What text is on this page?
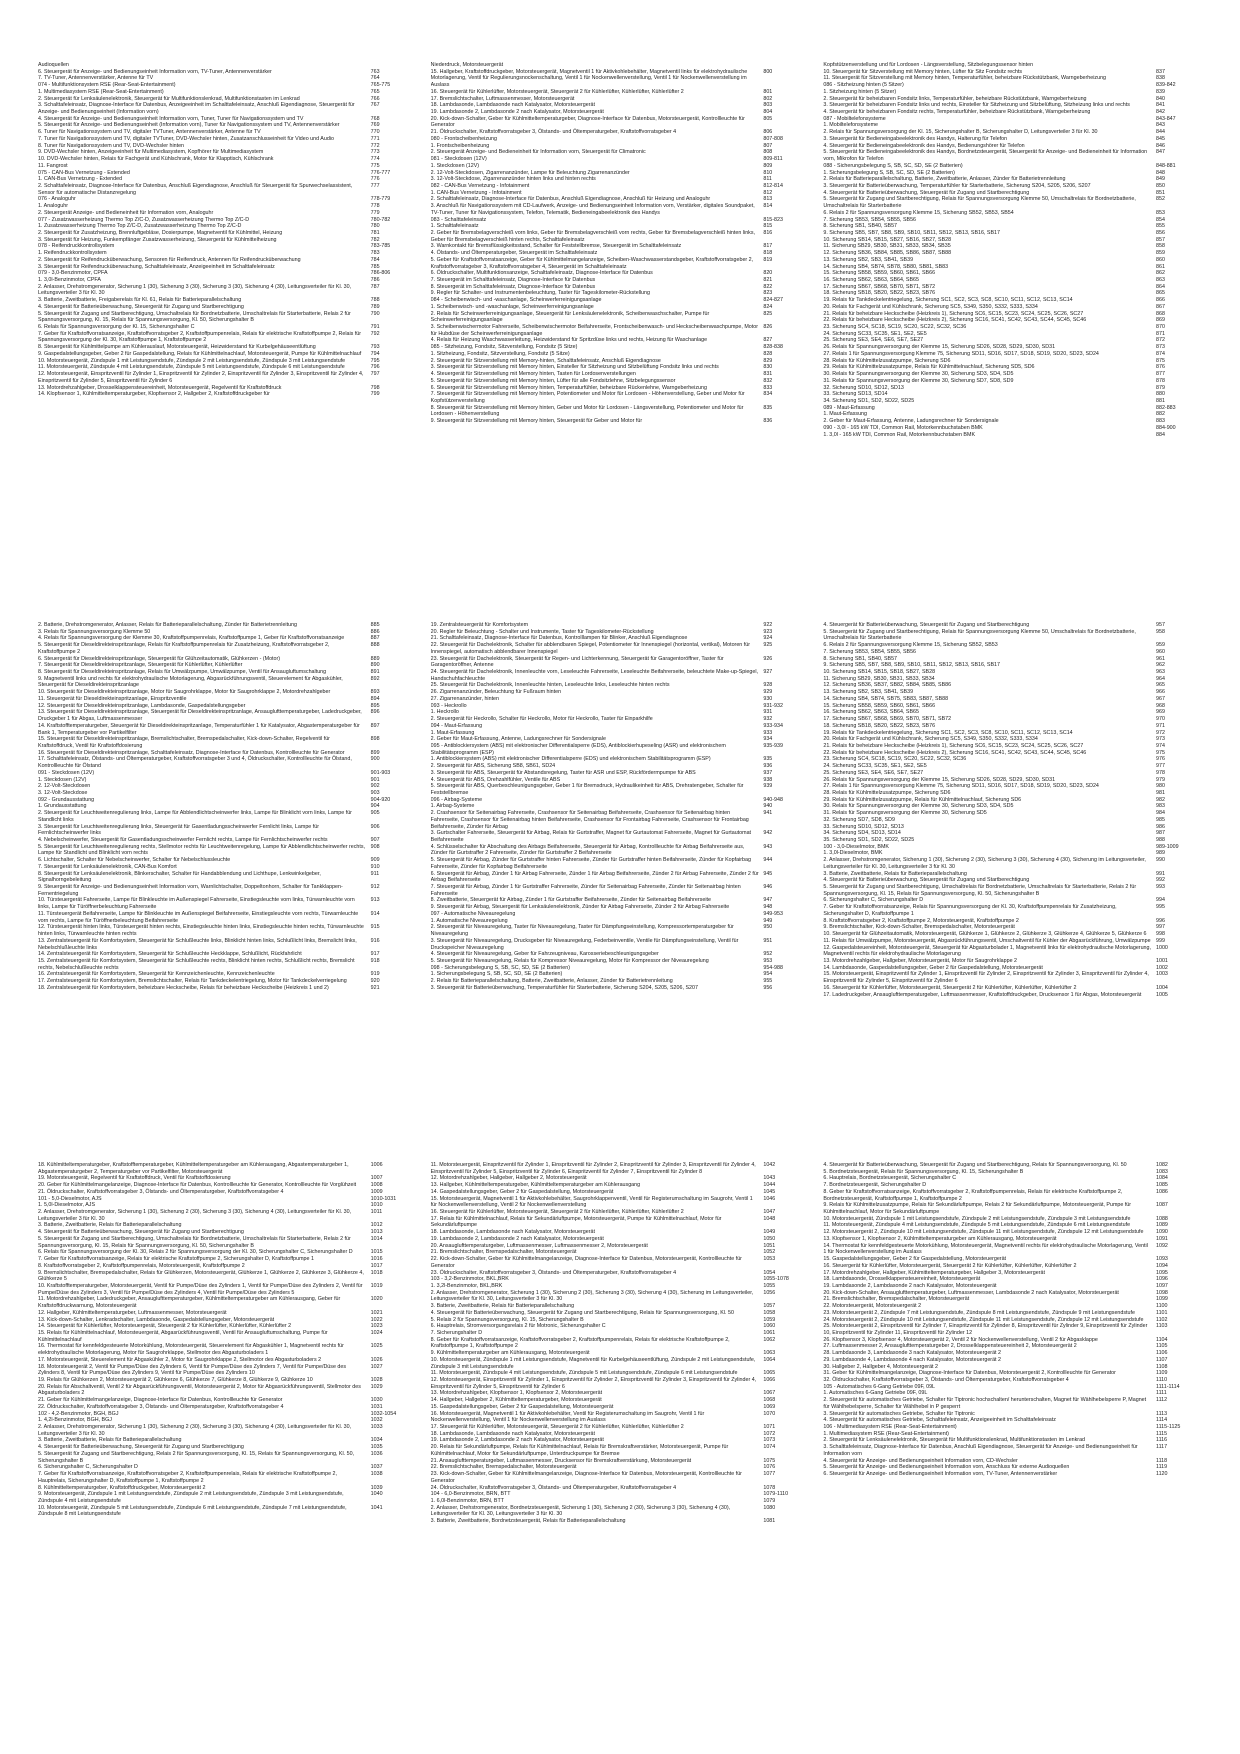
Audioquellen
6. Steuergerät für Anzeige- und Bedienungseinheit Information vorn, TV-Tuner, Antennenverstärker	763
7. TV-Tuner, Antennenverstärker, Antenne für TV	764
074 - Multifunktionsystem RSE (Rear-Seat-Entertainment)	765-775
1. Multimediasystem RSE (Rear-Seat-Entertainment)	765
2. Steuergerät für Lenksäulenelektronik, Steuergerät für Multifunktionslenkrad, Multifunktionstasten im Lenkrad	766
3. Schalttafeleinsatz, Diagnose-Interface für Datenbus, Anzeigeeinheit im Schalttafeleinsatz, Anschluß Eigendiagnose, Steuergerät für Anzeige- und Bedienungseinheit (Information vorn)
767
4. Steuergerät für Anzeige- und Bedienungseinheit Information vorn, Tuner, Tuner für Navigationssystem und TV	768
5. Steuergerät für Anzeige- und Bedienungseinheit (Information vorn), Tuner für Navigationssystem und TV, Antennenverstärker	769
6. Tuner für Navigationssystem und TV, digitaler TVTuner, Antennenverstärker, Antenne für TV	770
7. Tuner für Navigationssystem und TV, digitaler TVTuner, DVD-Wechsler hinten, Zusatzanschlusseinheit für Video und Audio	771
8. Tuner für Navigationssystem und TV, DVD-Wechsler hinten	772
9. DVD-Wechsler hinten, Anzeigeeinheit für Multimediasystem, Kopfhörer für Multimediasystem	773
10. DVD-Wechsler hinten, Relais für Fachgerät und Kühlschrank, Motor für Klapptisch, Kühlschrank	774
11. Fangrost	775
075 - CAN-Bus Vernetzung - Extended	776-777
1. CAN-Bus Vernetzung - Extended	776
2. Schalttafeleinsatz, Diagnose-Interface für Datenbus, Anschluß Eigendiagnose, Anschluß für Steuergerät für Spurwechselassistent, Sensor für automatische Distanzregelung
777
076 - Analoguhr	778-779
1. Analoguhr	778
2. Steuergerät Anzeige- und Bedieneinheit für Information vorn, Analoguhr	779
077 - Zusatzwasserheizung Thermo Top Z/C-D, Zusatzwasserheizung Thermo Top Z/C-D	780-782
1. Zusatzwasserheizung Thermo Top Z/C-D, Zusatzwasserheizung Thermo Top Z/C-D	780
2. Steuergerät für Zusatzheizung, Brennluftgebläse, Dosierpumpe, Magnetventil für Kühlmittel, Heizung	781
3. Steuergerät für Heizung, Funkempfänger Zusatzwasserheizung, Steuergerät für Kühlmittelheizung	782
078 - Reifendruckkontrollsystem	783-785
1. Reifendruckkontrollsystem	783
2. Steuergerät für Reifendrucküberwachung, Sensoren für Reifendruck, Antennen für Reifendrucküberwachung	784
3. Steuergerät für Reifendrucküberwachung, Schalttafeleinsatz, Anzeigeeinheit im Schalttafeleinsatz	785
079 - 3,0-Benzinmotor, CPFA	786-806
1. 3,0l-Benzinmotor, CPFA	786
2. Anlasser, Drehstromgenerator, Sicherung 1 (30), Sicherung 3 (30), Sicherung 3 (30), Sicherung 4 (30), Leitungsverteiler für Kl. 30, Leitungsverteiler 3 für Kl. 30
787
3. Batterie, Zweitbatterie, Freigaberelais für Kl. 61, Relais für Batterieparallelschaltung	788
4. Steuergerät für Batterieüberwachung, Steuergerät für Zugang und Startberechtigung	789
5. Steuergerät für Zugang und Startberechtigung, Umschaltrelais für Bordnetzbatterie, Umschaltrelais für Starterbatterie, Relais 2 für Spannungsversorgung, Kl. 15, Relais für Spannungsversorgung, Kl. 50, Sicherungshalter B
790
6. Relais für Spannungsversorgung der Kl. 15, Sicherungshalter C	791
7. Geber für Kraftstoffvorratsanzeige, Kraftstoffvorratsgeber 2, Kraftstoffpumpenrelais, Relais für elektrische Kraftstoffpumpe 2, Relais für Spannungsversorgung der Kl. 30, Kraftstoffpumpe 1, Kraftstoffpumpe 2
792
8. Steuergerät für Kühlmittelpumpe am Kühlerauslauf, Motorsteuergerät, Heizwiderstand für Kurbelgehäuseentlüftung	793
9. Gaspedalstellungsgeber, Geber 2 für Gaspedalstellung, Relais für Kühlmittelnachlauf, Motorsteuergerät, Pumpe für Kühlmittelnachlauf	794
10. Motorsteuergerät, Zündspule 1 mit Leistungsendstufe, Zündspule 2 mit Leistungsendstufe, Zündspule 3 mit Leistungsendstufe	795
11. Motorsteuergerät, Zündspule 4 mit Leistungsendstufe, Zündspule 5 mit Leistungsendstufe, Zündspule 6 mit Leistungsendstufe	796
12. Motorsteuergerät, Einspritzventil für Zylinder 1, Einspritzventil für Zylinder 2, Einspritzventil für Zylinder 3, Einspritzventil für Zylinder 4, Einspritzventil für Zylinder 5, Einspritzventil für Zylinder 6
797
13. Motordrehzahlgeber, Drosselklappensteuereinheit, Motorsteuergerät, Regelventil für Kraftstoffdruck	798
14. Klopfsensor 1, Kühlmitteltemperaturgeber, Klopfsensor 2, Hallgeber 2, Kraftstoffdruckgeber für	799
Niederdruck, Motorsteuergerät
15. Hallgeber, Kraftstoffdruckgeber, Motorsteuergerät, Magnetventil 1 für Aktivkohlebehälter, Magnetventil links für elektrohydraulische Motorlagerung, Ventil für Regulierungsnockenschaltung, Ventil 1 für Nockenwellenverstellung, Ventil 1 für Nockenwellenverstellung im Auslass
800
16. Steuergerät für Kühlerlüfter, Motorsteuergerät, Steuergerät 2 für Kühlerlüfter, Kühlerlüfter, Kühlerlüfter 2	801
17. Bremslichtschalter, Luftmassenmesser, Motorsteuergerät	802
18. Lambdasonde, Lambdasonde nach Katalysator, Motorsteuergerät	803
19. Lambdasonde 2, Lambdasonde 2 nach Katalysator, Motorsteuergerät	804
20. Kick-down-Schalter, Geber für Kühlmitteltemperaturgeber, Diagnose-Interface für Datenbus, Motorsteuergerät, Kontrollleuchte für Generator
805
21. Öldruckschalter, Kraftstoffvorratsgeber 3, Ölstands- und Öltemperaturgeber, Kraftstoffvorratsgeber 4	806
080 - Frontscheibenheizung	807-808
1. Frontscheibenheizung	807
2. Steuergerät Anzeige- und Bedieneinheit für Information vorn, Steuergerät für Climatronic	808
081 - Steckdosen (12V)	809-811
1. Steckdosen (12V)	809
2. 12-Volt-Steckdosen, Zigarrenanzünder, Lampe für Beleuchtung Zigarrenanzünder	810
3. 12-Volt-Steckdose, Zigarrenanzünder hinten links und hinten rechts	811
082 - CAN-Bus Vernetzung - Infotainment	812-814
1. CAN-Bus Vernetzung - Infotainment	812
2. Schalttafeleinsatz, Diagnose-Interface für Datenbus, Anschluß Eigendiagnose, Anschluß für Heizung und Analoguhr	813
3. Anschluß für Navigationssystem mit CD-Laufwerk, Anzeige- und Bedienungseinheit Information vorn, Verstärker, digitales Soundpaket, TV-Tuner, Tuner für Navigationssystem, Telefon, Telematik, Bedieneingabeelektronik des Handys
814
083 - Schalttafeleinsatz	815-823
1. Schalttafeleinsatz	815
2. Geber für Bremsbelagverschleiß vorn links, Geber für Bremsbelagverschleiß vorn rechts, Geber für Bremsbelagverschleiß hinten links, Geber für Bremsbelagverschleiß hinten rechts, Schalttafeleinsatz
816
3. Warnkontakt für Bremsflüssigkeitsstand, Schalter für Feststellbremse, Steuergerät im Schalttafeleinsatz	817
4. Ölstands- und Öltemperaturgeber, Steuergerät im Schalttafeleinsatz	818
5. Geber für Kraftstoffvorratsanzeige, Geber für Kühlmittelmangelanzeige, Scheiben-Waschwasserstandsgeber, Kraftstoffvorratsgeber 2, Kraftstoffvorratsgeber 3, Kraftstoffvorratsgeber 4, Steuergerät im Schalttafeleinsatz
819
6. Öldruckschalter, Multifunktionsanzeige, Schalttafeleinsatz, Diagnose-Interface für Datenbus	820
7. Steuergerät im Schalttafeleinsatz, Diagnose-Interface für Datenbus	821
8. Steuergerät im Schalttafeleinsatz, Diagnose-Interface für Datenbus	822
9. Regler für Schalter- und Instrumentenbeleuchtung, Taster für Tageskilometer-Rückstellung	823
084 - Scheibenwisch- und -waschanlage, Scheinwerferreinigungsanlage	824-827
1. Scheibenwisch- und -waschanlage, Scheinwerferreinigungsanlage	824
2. Relais für Scheinwerferreinigungsanlage, Steuergerät für Lenksäulenelektronik, Scheibenwaschschalter, Pumpe für Scheinwerferreinigungsanlage
825
3. Scheibenwischermotor Fahrerseite, Scheibenwischermotor Beifahrerseite, Frontscheibenwasch- und Heckscheibenwaschpumpe, Motor für Hubdüse der Scheinwerferreinigungsanlage
826
4. Relais für Heizung Waschwasserleitung, Heizwiderstand für Spritzdüse links und rechts, Heizung für Waschanlage	827
085 - Sitzheizung, Fondsitz, Sitzverstellung, Fondsitz (5 Sitze)	828-838
1. Sitzheizung, Fondsitz, Sitzverstellung, Fondsitz (5 Sitze)	828
2. Steuergerät für Sitzverstellung mit Memory-hinten, Schalttafeleinsatz, Anschluß Eigendiagnose	829
3. Steuergerät für Sitzverstellung mit Memory hinten, Einsteller für Sitzheizung und Sitzbelüftung Fondsitz links und rechts	830
4. Steuergerät für Sitzverstellung mit Memory hinten, Tasten für Lordosenverstellungen	831
5. Steuergerät für Sitzverstellung mit Memory hinten, Lüfter für alle Fondsitzlehne, Sitzbelegungssensor	832
6. Steuergerät für Sitzverstellung mit Memory hinten, Temperaturfühler, beheizbare Rückenlehne, Warngeberheizung	833
7. Steuergerät für Sitzverstellung mit Memory hinten, Potentiometer und Motor für Lordosen - Höhenverstellung, Geber und Motor für Kopfstützenverstellung
834
8. Steuergerät für Sitzverstellung mit Memory hinten, Geber und Motor für Lordosen - Längsverstellung, Potentiometer und Motor für Lordosen - Höhenverstellung
835
9. Steuergerät für Sitzverstellung mit Memory hinten, Steuergerät für Geber und Motor für	836
Kopfstützenverstellung und für Lordosen - Längsverstellung, Sitzbelegungssensor hinten
10. Steuergerät für Sitzverstellung mit Memory hinten, Lüfter für Sitz Fondsitz rechts	837
11. Steuergerät für Sitzverstellung mit Memory hinten, Temperaturfühler, beheizbare Rückstützbank, Warngeberheizung	838
086 - Sitzheizung hinten (5 Sitzer)	839-842
1. Sitzheizung hinten (5 Sitzer)	839
2. Steuergerät für beheizbaren Fondsitz links, Temperaturfühler, beheizbare Rückstützbank, Warngeberheizung	840
3. Steuergerät für beheizbaren Fondsitz links und rechts, Einsteller für Sitzheizung und Sitzbelüftung, Sitzheizung links und rechts	841
4. Steuergerät für beheizbaren Fondsitz rechts, Temperaturfühler, beheizbare Rückstützbank, Warngeberheizung	842
087 - Mobiltelefonsysteme	843-847
1. Mobiltelefonsysteme	843
2. Relais für Spannungsversorgung der Kl. 15, Sicherungshalter B, Sicherungshalter D, Leitungsverteiler 3 für Kl. 30	844
3. Steuergerät für Bedieneingabeelektronik des Handys, Halterung für Telefon	845
4. Steuergerät für Bedieneingabeelektronik des Handys, Bedienungshörer für Telefon	846
5. Steuergerät für Bedieneingabeelektronik des Handys, Bordnetzsteuergerät, Steuergerät für Anzeige- und Bedieneinheit für Information vorn, Mikrofon für Telefon
847
088 - Sicherungsbelegung S, SB, SC, SD, SE (2 Batterien)	848-881
1. Sicherungsbelegung S, SB, SC, SD, SE (2 Batterien)	848
2. Relais für Batterieparallelschaltung, Batterie, Zweitbatterie, Anlasser, Zünder für Batterietrennleitung	849
3. Steuergerät für Batterieüberwachung, Temperaturfühler für Starterbatterie, Sicherung S204, S205, S206, S207	850
4. Steuergerät für Batterieüberwachung, Steuergerät für Zugang und Startberechtigung	851
5. Steuergerät für Zugang und Startberechtigung, Relais für Spannungsversorgung Klemme 50, Umschaltrelais für Bordnetzbatterie, Umschaltrelais für Starterbatterie
852
6. Relais 2 für Spannungsversorgung Klemme 15, Sicherung SB52, SB53, SB54	853
7. Sicherung SB53, SB54, SB55, SB56	854
8. Sicherung SB1, SB40, SB57	855
9. Sicherung SB5, SB7, SB8, SB9, SB10, SB11, SB12, SB13, SB16, SB17	856
10. Sicherung SB14, SB15, SB27, SB16, SB27, SB28	857
11. Sicherung SB29, SB30, SB31, SB33, SB34, SB35	858
12. Sicherung SB36, SB84, SB85, SB86, SB87, SB88	859
13. Sicherung SB2, SB3, SB41, SB39	860
14. Sicherung SB4, SB74, SB78, SB80, SB81, SB83	861
15. Sicherung SB58, SB59, SB60, SB61, SB66	862
16. Sicherung SB62, SB63, SB64, SB65	863
17. Sicherung SB67, SB68, SB70, SB71, SB72	864
18. Sicherung SB18, SB20, SB22, SB23, SB76	865
19. Relais für Tankdeckelentriegelung, Sicherung SC1, SC2, SC3, SC8, SC10, SC11, SC12, SC13, SC14	866
20. Relais für Fachgerät und Kühlschrank, Sicherung SC5, S349, S350, S332, S333, S334	867
21. Relais für beheizbare Heckscheibe (Heizkreis 1), Sicherung SC6, SC15, SC23, SC24, SC25, SC26, SC27	868
22. Relais für beheizbare Heckscheibe (Heizkreis 2), Sicherung SC16, SC41, SC42, SC43, SC44, SC45, SC46	869
23. Sicherung SC4, SC18, SC19, SC20, SC22, SC32, SC36	870
24. Sicherung SC33, SC35, SE1, SE2, SE5	871
25. Sicherung SE3, SE4, SE6, SE7, SE27	872
26. Relais für Spannungsversorgung der Klemme 15, Sicherung SD26, SD28, SD29, SD30, SD31	873
27. Relais 1 für Spannungsversorgung Klemme 75, Sicherung SD11, SD16, SD17, SD18, SD19, SD20, SD23, SD24	874
28. Relais für Kühlmittelzusatzpumpe, Sicherung SD6	875
29. Relais für Kühlmittelzusatzpumpe, Relais für Kühlmittelnachlauf, Sicherung SD5, SD6	876
30. Relais für Spannungsversorgung der Klemme 30, Sicherung SD3, SD4, SD5	877
31. Relais für Spannungsversorgung der Klemme 30, Sicherung SD7, SD8, SD9	878
32. Sicherung SD10, SD12, SD13	879
33. Sicherung SD13, SD14	880
34. Sicherung SD1, SD2, SD22, SD25	881
089 - Maut-Erfassung	882-883
1. Maut-Erfassung	882
2. Geber für Maut-Erfassung, Antenne, Ladungsrechner für Sondersignale	883
090 - 3,0l - 165 kW TDI, Common Rail, Motorkennbuchstaben BMK	884-900
1. 3,0l - 165 kW TDI, Common Rail, Motorkennbuchstaben BMK	884
2. Batterie, Drehstromgenerator, Anlasser, Relais für Batterieparallelschaltung, Zünder für Batterietrennleitung	885
3. Relais für Spannungsversorgung Klemme 50	886
4. Relais für Spannungsversorgung der Klemme 30, Kraftstoffpumpenrelais, Kraftstoffpumpe 1, Geber für Kraftstoffvorratsanzeige	887
5. Steuergerät für Dieseldirekteinspritzanlage, Relais für Kraftstoffpumpenrelais für Zusatzheizung, Kraftstoffvorratsgeber 2, Kraftstoffpumpe 2
888
6. Steuergerät für Dieseldirekteinspritzanlage, Steuergerät für Glühzeitautomatik, Glühkerzen - (Motor)	889
7. Steuergerät für Dieseldirekteinspritzanlage, Steuergerät für Kühlerlüfter, Kühlerlüfter	890
8. Steuergerät für Dieseldirekteinspritzanlage, Relais für Umwälzpumpe, Umwälzpumpe, Ventil für Ansaugluftumschaltung	891
9. Magnetventil links und rechts für elektrohydraulische Motorlagerung, Abgasrückführungsventil, Steuerelement für Abgaskühler, Steuergerät für Dieseldirekteinspritzanlage
892
10. Steuergerät für Dieseldirekteinspritzanlage, Motor für Saugrohrklappe, Motor für Saugrohrklappe 2, Motordrehzahlgeber	893
11. Steuergerät für Dieseldirekteinspritzanlage, Einspritzventile	894
12. Steuergerät für Dieseldirekteinspritzanlage, Lambdasonde, Gaspedalstellungsgeber	895
13. Steuergerät für Dieseldirekteinspritzanlage, Steuergerät für Dieseldirekteinspritzanlage, Ansauglufttemperaturgeber, Ladedruckgeber, Druckgeber 1 für Abgas, Luftmassenmesser
896
14. Kraftstofftemperaturgeber, Steuergerät für Dieseldirekteinspritzanlage, Temperaturfühler 1 für Katalysator, Abgastemperaturgeber für Bank 1, Temperaturgeber vor Partikelfilter
897
15. Steuergerät für Dieseldirekteinspritzanlage, Bremslichtschalter, Bremspedalschalter, Kick-down-Schalter, Regelventil für Kraftstoffdruck, Ventil für Kraftstoffdosierung
898
16. Steuergerät für Dieseldirekteinspritzanlage, Schalttafeleinsatz, Diagnose-Interface für Datenbus, Kontrollleuchte für Generator	899
17. Schalttafeleinsatz, Ölstands- und Öltemperaturgeber, Kraftstoffvorratsgeber 3 und 4, Öldruckschalter, Kontrollleuchte für Ölstand, Kontrollleuchte für Ölstand
900
091 - Steckdosen (12V)	901-903
1. Steckdosen (12V)	901
2. 12-Volt-Steckdosen	902
3. 12-Volt-Steckdose	903
092 - Grundausstattung	904-920
1. Grundausstattung	904
2. Steuergerät für Leuchtweitenregulierung links, Lampe für Abblendlichtscheinwerfer links, Lampe für Blinklicht vorn links, Lampe für Standlicht links
905
3. Steuergerät für Leuchtweitenregulierung links, Steuergerät für Gasentladungsscheinwerfer Fernlicht links, Lampe für Fernlichtscheinwerfer links
906
4. Nebelscheinwerfer, Steuergerät für Gasentladungsscheinwerfer Fernlicht rechts, Lampe für Fernlichtscheinwerfer rechts	907
5. Steuergerät für Leuchtweitenregulierung rechts, Stellmotor rechts für Leuchtweitenregelung, Lampe für Abblendlichtscheinwerfer rechts, Lampe für Standlicht und Blinklicht vorn rechts
908
6. Lichtschalter, Schalter für Nebelscheinwerfer, Schalter für Nebelschlussleuchte	909
7. Steuergerät für Lenksäulenelektronik, CAN-Bus Komfort	910
8. Steuergerät für Lenksäulenelektronik, Blinkerschalter, Schalter für Handabblendung und Lichthupe, Lenkwinkelgeber, Signalhorngebeleitung
911
9. Steuergerät für Anzeige- und Bedienungseinheit Information vorn, Warnlichtschalter, Doppeltonhorn, Schalter für Tankklappen-Fernentriegelung
912
10. Türsteuergerät Fahrerseite, Lampe für Blinkleuchte im Außenspiegel Fahrerseite, Einstiegsleuchte vorn links, Türwarnleuchte vorn links, Lampe für Türöffnerbeleuchtung Fahrerseite
913
11. Türsteuergerät Beifahrerseite, Lampe für Blinkleuchte im Außenspiegel Beifahrerseite, Einstiegsleuchte vorn rechts, Türwarnleuchte vorn rechts, Lampe für Türöffnerbeleuchtung Beifahrerseite
914
12. Türsteuergerät hinten links, Türsteuergerät hinten rechts, Einstiegsleuchte hinten links, Einstiegsleuchte hinten rechts, Türwarnleuchte hinten links, Türwarnleuchte hinten rechts
915
13. Zentralsteuergerät für Komfortsystem, Steuergerät für Schlußleuchte links, Blinklicht hinten links, Schlußlicht links, Bremslicht links, Nebelschlußleuchte links
916
14. Zentralsteuergerät für Komfortsystem, Steuergerät für Schlußleuchte Heckklappe, Schlußlicht, Rückfahrlicht	917
15. Zentralsteuergerät für Komfortsystem, Steuergerät für Schlußleuchte rechts, Blinklicht hinten rechts, Schlußlicht rechts, Bremslicht rechts, Nebelschlußleuchte rechts
918
16. Zentralsteuergerät für Komfortsystem, Steuergerät für Kennzeichenleuchte, Kennzeichenleuchte	919
17. Zentralsteuergerät für Komfortsystem, Bremslichtschalter, Relais für Tankdeckelentriegelung, Motor für Tankdeckelverriegelung	920
18. Zentralsteuergerät für Komfortsystem, beheizbare Heckscheibe, Relais für beheizbare Heckscheibe (Heizkreis 1 und 2)	921
19. Zentralsteuergerät für Komfortsystem	922
20. Regler für Beleuchtung - Schalter und Instrumente, Taster für Tageskilometer-Rückstellung	923
21. Schalttafeleinsatz, Diagnose-Interface für Datenbus, Kontrolllampen für Blinker, Anschluß Eigendiagnose	924
22. Steuergerät für Dachelektronik, Schalter für abblendbaren Spiegel, Potentiometer für Innenspiegel (horizontal, vertikal), Motoren für Innenspiegel, automatisch abblendbarer Innenspiegel
925
23. Steuergerät für Dachelektronik, Steuergerät für Regen- und Lichterkennung, Steuergerät für Garagentoröffner, Taster für Garagentoröffner, Antenne
926
24. Steuergerät für Dachelektronik, Innenleuchte vorn, Leseleuchte Fahrerseite, Leseleuchte Beifahrerseite, beleuchtete Make-up-Spiegel, Handschuhfachleuchte
927
25. Steuergerät für Dachelektronik, Innenleuchte hinten, Leseleuchte links, Leseleuchte hinten rechts	928
26. Zigarrenanzünder, Beleuchtung für Fußraum hinten	929
27. Zigarrenanzünder, hinten	930
093 - Heckrollo	931-932
1. Heckrollo	931
2. Steuergerät für Heckrollo, Schalter für Heckrollo, Motor für Heckrollo, Taster für Einparkhilfe	932
094 - Maut-Erfassung	933-934
1. Maut-Erfassung	933
2. Geber für Maut-Erfassung, Antenne, Ladungsrechner für Sondersignale	934
095 - Antiblockiersystem (ABS) mit elektronischer Differentialsperre (EDS), Antiblockierhupeseling (ASR) und elektronischem Stabilitätsprogramm (ESP)
935-939
1. Antiblockiersystem (ABS) mit elektronischer Differentialsperre (EDS) und elektronischem Stabilitätsprogramm (ESP)	935
2. Steuergerät für ABS, Sicherung SB8, SB61, SD24	936
3. Steuergerät für ABS, Steuergerät für Abstandsregelung, Taster für ASR und ESP, Rückfördermpumpe für ABS	937
4. Steuergerät für ABS, Drehzahlfühler, Ventile für ABS	938
5. Steuergerät für ABS, Querbeschleunigungsgeber, Geber 1 für Bremsdruck, Hydraulikeinheit für ABS, Drehratengeber, Schalter für Feststellbremse
939
096 - Airbag-Systeme	940-948
1. Airbag-Systeme	940
2. Crashsensor für Seitenairbag Fahrerseite, Crashsensor für Seitenairbag Beifahrerseite, Crashsensor für Seitenairbag hinten Fahrerseite, Crashsensor für Seitenairbag hinten Beifahrerseite, Crashsensor für Frontairbag Fahrerseite, Crashsensor für Frontairbag Beifahrerseite, Zünder für Airbag
941
3. Gurtschalter Fahrerseite, Steuergerät für Airbag, Relais für Gurtstraffer, Magnet für Gurtautomat Fahrerseite, Magnet für Gurtautomat Beifahrerseite
942
4. Schlüsselschalter für Abschaltung des Airbags Beifahrerseite, Steuergerät für Airbag, Kontrollleuchte für Airbag Beifahrerseite aus, Zünder für Gurtstraffer 2 Fahrerseite, Zünder für Gurtstraffer 2 Beifahrerseite
943
5. Steuergerät für Airbag, Zünder für Gurtstraffer hinten Fahrerseite, Zünder für Gurtstraffer hinten Beifahrerseite, Zünder für Kopfairbag Fahrerseite, Zünder für Kopfairbag Beifahrerseite
944
6. Steuergerät für Airbag, Zünder 1 für Airbag Fahrerseite, Zünder 1 für Airbag Beifahrerseite, Zünder 2 für Airbag Fahrerseite, Zünder 2 für Airbag Beifahrerseite
945
7. Steuergerät für Airbag, Zünder 1 für Gurtstraffer Fahrerseite, Zünder für Seitenairbag Fahrerseite, Zünder für Seitenairbag hinten Fahrerseite
946
8. Zweitbatterie, Steuergerät für Airbag, Zünder 1 für Gurtstraffer Beifahrerseite, Zünder für Seitenairbag Beifahrerseite	947
9. Steuergerät für Airbag, Steuergerät für Lenksäulenelektronik, Zünder für Airbag Fahrerseite, Zünder 2 für Airbag Fahrerseite	948
097 - Automatische Niveauregelung	949-953
1. Automatische Niveauregelung	949
2. Steuergerät für Niveauregelung, Taster für Niveauregelung, Taster für Dämpfungseinstellung, Kompressortemperaturgeber für Niveauregelung
950
3. Steuergerät für Niveauregelung, Drucksgeber für Niveauregelung, Federbeinventile, Ventile für Dämpfungseinstellung, Ventil für Druckspeicher Niveauregelung
951
4. Steuergerät für Niveauregelung, Geber für Fahrzeugniveau, Karosseriebeschleunigungsgeber	952
5. Steuergerät für Niveauregelung, Relais für Kompressor Niveauregelung, Motor für Kompressor der Niveauregelung	953
098 - Sicherungsbelegung S, SB, SC, SD, SE (2 Batterien)	954-988
1. Sicherungsbelegung S, SB, SC, SD, SE (2 Batterien)	954
2. Relais für Batterieparallelschaltung, Batterie, Zweitbatterie, Anlasser, Zünder für Batterietrennleitung	955
3. Steuergerät für Batterieüberwachung, Temperaturfühler für Starterbatterie, Sicherung S204, S205, S206, S207	956
4. Steuergerät für Batterieüberwachung, Steuergerät für Zugang und Startberechtigung	957
5. Steuergerät für Zugang und Startberechtigung, Relais für Spannungsversorgung Klemme 50, Umschaltrelais für Bordnetzbatterie, Umschaltrelais für Starterbatterie
958
6. Relais 2 für Spannungsversorgung Klemme 15, Sicherung SB52, SB53	959
7. Sicherung SB53, SB54, SB55, SB56	960
8. Sicherung SB1, SB40, SB57	961
9. Sicherung SB5, SB7, SB8, SB9, SB10, SB11, SB12, SB13, SB16, SB17	962
10. Sicherung SB14, SB15, SB18, SB27, SB28	963
11. Sicherung SB29, SB30, SB31, SB33, SB34	964
12. Sicherung SB36, SB37, SB82, SB84, SB85, SB86	965
13. Sicherung SB2, SB3, SB41, SB39	966
14. Sicherung SB4, SB74, SB75, SB83, SB87, SB88	967
15. Sicherung SB58, SB59, SB60, SB61, SB66	968
16. Sicherung SB62, SB63, SB64, SB65	969
17. Sicherung SB67, SB68, SB69, SB70, SB71, SB72	970
18. Sicherung SB18, SB20, SB22, SB23, SB76	971
19. Relais für Tankdeckelentriegelung, Sicherung SC1, SC2, SC3, SC8, SC10, SC11, SC12, SC13, SC14	972
20. Relais für Fachgerät und Kühlschrank, Sicherung SC5, S349, S350, S332, S333, S334	973
21. Relais für beheizbare Heckscheibe (Heizkreis 1), Sicherung SC6, SC15, SC23, SC24, SC25, SC26, SC27	974
22. Relais für beheizbare Heckscheibe (Heizkreis 2), Sicherung SC16, SC41, SC42, SC43, SC44, SC45, SC46	975
23. Sicherung SC4, SC18, SC19, SC20, SC22, SC32, SC36	976
24. Sicherung SC33, SC35, SE1, SE2, SE5	977
25. Sicherung SE3, SE4, SE6, SE7, SE27	978
26. Relais für Spannungsversorgung der Klemme 15, Sicherung SD26, SD28, SD29, SD30, SD31	979
27. Relais 1 für Spannungsversorgung Klemme 75, Sicherung SD11, SD16, SD17, SD18, SD19, SD20, SD23, SD24	980
28. Relais für Kühlmittelzusatzpumpe, Sicherung SD6	981
29. Relais für Kühlmittelzusatzpumpe, Relais für Kühlmittelnachlauf, Sicherung SD6	982
30. Relais für Spannungsversorgung der Klemme 30, Sicherung SD3, SD4, SD5	983
31. Relais für Spannungsversorgung der Klemme 30, Sicherung SD5	984
32. Sicherung SD7, SD8, SD9	985
33. Sicherung SD10, SD12, SD13	986
34. Sicherung SD4, SD13, SD14	987
35. Sicherung SD1, SD2, SD22, SD25	988
100 - 3,0-Dieselmotor, BMK	989-1009
1. 3,0l-Dieselmotor, BMK	989
2. Anlasser, Drehstromgenerator, Sicherung 1 (30), Sicherung 2 (30), Sicherung 3 (30), Sicherung 4 (30), Sicherung im Leitungsverteiler, Leitungsverteiler für Kl. 30, Leitungsverteiler 3 für Kl. 30
990
3. Batterie, Zweitbatterie, Relais für Batterieparallelschaltung	991
4. Steuergerät für Batterieüberwachung, Steuergerät für Zugang und Startberechtigung	992
5. Steuergerät für Zugang und Startberechtigung, Umschaltrelais für Bordnetzbatterie, Umschaltrelais für Starterbatterie, Relais 2 für Spannungsversorgung, Kl. 15, Relais für Spannungsversorgung, Kl. 50, Sicherungshalter B
993
6. Sicherungshalter C, Sicherungshalter D	994
7. Geber für Kraftstoffvorratsanzeige, Relais für Spannungsversorgung der Kl. 30, Kraftstoffpumpenrelais für Zusatzheizung, Sicherungshalter D, Kraftstoffpumpe 1
995
8. Kraftstoffvorratsgeber 2, Kraftstoffpumpe 2, Motorsteuergerät, Kraftstoffpumpe 2	996
9. Bremslichtschalter, Kick-down-Schalter, Bremspedalschalter, Motorsteuergerät	997
10. Steuergerät für Glühzeitautomatik, Motorsteuergerät, Glühkerze 1, Glühkerze 2, Glühkerze 3, Glühkerze 4, Glühkerze 5, Glühkerze 6	998
11. Relais für Umwälzpumpe, Motorsteuergerät, Abgasrückführungsventil, Umschaltventil für Kühler der Abgasrückführung, Umwälzpumpe 999
12. Gaspedalsteuereinheit, Motorsteuergerät, Steuergerät für Abgasturbolader 1, Magnetventil links für elektrohydraulische Motorlagerung, Magnetventil rechts für elektrohydraulische Motorlagerung
1000
13. Motordrehzahlgeber, Hallgeber, Motorsteuergerät, Motor für Saugrohrklappe 2	1001
14. Lambdasonde, Gaspedalstellungsgeber, Geber 2 für Gaspedalstellung, Motorsteuergerät	1002
15. Motorsteuergerät, Einspritzventil für Zylinder 1, Einspritzventil für Zylinder 2, Einspritzventil für Zylinder 3, Einspritzventil für Zylinder 4, Einspritzventil für Zylinder 5, Einspritzventil für Zylinder 6
1003
16. Steuergerät für Kühlerlüfter, Motorsteuergerät, Steuergerät 2 für Kühlerlüfter, Kühlerlüfter, Kühlerlüfter 2	1004
17. Ladedruckgeber, Ansauglufttemperaturgeber, Luftmassenmesser, Kraftstoffdruckgeber, Drucksensor 1 für Abgas, Motorsteuergerät	1005
18. Kühlmitteltemperaturgeber, Kraftstofftemperaturgeber, Kühlmitteltemperaturgeber am Kühlerausgang, Abgastemperaturgeber 1, Abgastemperaturgeber 2, Temperaturgeber vor Partikelfilter, Motorsteuergerät
1006
19. Motorsteuergerät, Regelventil für Kraftstoffdruck, Ventil für Kraftstoffdosierung	1007
20. Geber für Kühlmittelmangelanzeige, Diagnose-Interface für Datenbus, Kontrollleuchte für Generator, Kontrollleuchte für Vorglühzeit	1008
21. Öldruckschalter, Kraftstoffvorratsgeber 3, Ölstands- und Öltemperaturgeber, Kraftstoffvorratsgeber 4	1009
101 - 5,0-Dieselmotor, AJS	1010-1031
1. 5,0l-Dieselmotor, AJS	1010
2. Anlasser, Drehstromgenerator, Sicherung 1 (30), Sicherung 2 (30), Sicherung 3 (30), Sicherung 4 (30), Leitungsverteiler für Kl. 30, Leitungsverteiler 3 für Kl. 30
1011
3. Batterie, Zweitbatterie, Relais für Batterieparallelschaltung	1012
4. Steuergerät für Batterieüberwachung, Steuergerät für Zugang und Startberechtigung	1013
5. Steuergerät für Zugang und Startberechtigung, Umschaltrelais für Bordnetzbatterie, Umschaltrelais für Starterbatterie, Relais 2 für Spannungsversorgung, Kl. 15, Relais für Spannungsversorgung, Kl. 50, Sicherungshalter B
1014
6. Relais für Spannungsversorgung der Kl. 30, Relais 2 für Spannungsversorgung der Kl. 30, Sicherungshalter C, Sicherungshalter D	1015
7. Geber für Kraftstoffvorratsanzeige, Relais für elektrische Kraftstoffpumpe 2, Sicherungshalter D, Kraftstoffpumpe 1	1016
8. Kraftstoffvorratsgeber 2, Kraftstoffpumpenrelais, Motorsteuergerät, Kraftstoffpumpe 2	1017
9. Bremslichtschalter, Bremspedalschalter, Relais für Glühkerzen, Motorsteuergerät, Glühkerze 1, Glühkerze 2, Glühkerze 3, Glühkerze 4, Glühkerze 5
1018
10. Kraftstofftemperaturgeber, Motorsteuergerät, Ventil für Pumpe/Düse des Zylinders 1, Ventil für Pumpe/Düse des Zylinders 2, Ventil für Pumpe/Düse des Zylinders 3, Ventil für Pumpe/Düse des Zylinders 4, Ventil für Pumpe/Düse des Zylinders 5
1019
11. Motordrehzahlgeber, Ladedruckgeber, Ansauglufttemperaturgeber, Kühlmitteltemperaturgeber am Kühlerausgang, Geber für Kraftstoffdruckwarnung, Motorsteuergerät
1020
12. Hallgeber, Kühlmitteltemperaturgeber, Luftmassenmesser, Motorsteuergerät	1021
13. Kick-down-Schalter, Lenkradschalter, Lambdasonde, Gaspedalstellungsgeber, Motorsteuergerät	1022
14. Steuergerät für Kühlerlüfter, Motorsteuergerät, Steuergerät 2 für Kühlerlüfter, Kühlerlüfter, Kühlerlüfter 2	1023
15. Relais für Kühlmittelnachlauf, Motorsteuergerät, Abgasrückführungsventil, Ventil für Ansaugluftumschaltung, Pumpe für Kühlmittelnachlauf
1024
16. Thermostat für kennfeldgesteuerte Motorkühlung, Motorsteuergerät, Steuerelement für Abgaskühler 1, Magnetventil rechts für elektrohydraulische Motorlagerung, Motor für Saugrohrklappe, Stellmotor des Abgasturboladers 1
1025
17. Motorsteuergerät, Steuerelement für Abgaskühler 2, Motor für Saugrohrklappe 2, Stellmotor des Abgasturboladers 2	1026
18. Motorsteuergerät 2, Ventil für Pumpe/Düse des Zylinders 6, Ventil für Pumpe/Düse des Zylinders 7, Ventil für Pumpe/Düse des Zylinders 8, Ventil für Pumpe/Düse des Zylinders 9, Ventil für Pumpe/Düse des Zylinders 10
1027
19. Relais für Glühkerzen 2, Motorsteuergerät 2, Glühkerze 6, Glühkerze 7, Glühkerze 8, Glühkerze 9, Glühkerze 10	1028
20. Relais für Abschaltventil, Ventil 2 für Abgasrückführungsventil, Motorsteuergerät 2, Motor für Abgasrückführungsventil, Stellmotor des Abgasturboladers 2
1029
21. Geber für Kühlmittelmangelanzeige, Diagnose-Interface für Datenbus, Kontrollleuchte für Generator	1030
22. Öldruckschalter, Kraftstoffvorratsgeber 3, Ölstands- und Öltemperaturgeber, Kraftstoffvorratsgeber 4	1031
102 - 4,2-Benzinmotor, BGH, BGJ	1032-1054
1. 4,2l-Benzinmotor, BGH, BGJ	1032
2. Anlasser, Drehstromgenerator, Sicherung 1 (30), Sicherung 2 (30), Sicherung 3 (30), Sicherung 4 (30), Leitungsverteiler für Kl. 30, Leitungsverteiler 3 für Kl. 30
1033
3. Batterie, Zweitbatterie, Relais für Batterieparallelschaltung	1034
4. Steuergerät für Batterieüberwachung, Steuergerät für Zugang und Startberechtigung	1035
5. Steuergerät für Zugang und Startberechtigung, Relais 2 für Spannungsversorgung, Kl. 15, Relais für Spannungsversorgung, Kl. 50, Sicherungshalter B
1036
6. Sicherungshalter C, Sicherungshalter D	1037
7. Geber für Kraftstoffvorratsanzeige, Kraftstoffvorratsgeber 2, Kraftstoffpumpenrelais, Relais für elektrische Kraftstoffpumpe 2, Hauptrelais, Sicherungshalter D, Kraftstoffpumpe 1, Kraftstoffpumpe 2
1038
8. Kühlmitteltemperaturgeber, Kraftstoffdruckgeber, Motorsteuergerät 2	1039
9. Motorsteuergerät, Zündspule 1 mit Leistungsendstufe, Zündspule 2 mit Leistungsendstufe, Zündspule 3 mit Leistungsendstufe, Zündspule 4 mit Leistungsendstufe
1040
10. Motorsteuergerät, Zündspule 5 mit Leistungsendstufe, Zündspule 6 mit Leistungsendstufe, Zündspule 7 mit Leistungsendstufe, Zündspule 8 mit Leistungsendstufe
1041
11. Motorsteuergerät, Einspritzventil für Zylinder 1, Einspritzventil für Zylinder 2, Einspritzventil für Zylinder 3, Einspritzventil für Zylinder 4, Einspritzventil für Zylinder 5, Einspritzventil für Zylinder 6, Einspritzventil für Zylinder 7, Einspritzventil für Zylinder 8
1042
12. Motordrehzahlgeber, Hallgeber, Hallgeber 2, Motorsteuergerät	1043
13. Hallgeber, Kühlmitteltemperaturgeber, Kühlmitteltemperaturgeber am Kühlerausgang	1044
14. Gaspedalstellungsgeber, Geber 2 für Gaspedalstellung, Motorsteuergerät	1045
15. Motorsteuergerät, Magnetventil 1 für Aktivkohlebehälter, Saugrohrklappenventil, Ventil für Registerumschaltung im Saugrohr, Ventil 1 für Nockenwellenverstellung, Ventil 2 für Nockenwellenverstellung
1046
16. Steuergerät für Kühlerlüfter, Motorsteuergerät, Steuergerät 2 für Kühlerlüfter, Kühlerlüfter, Kühlerlüfter 2	1047
17. Relais für Kühlmittelnachlauf, Relais für Sekundärluftpumpe, Motorsteuergerät, Pumpe für Kühlmittelnachlauf, Motor für Sekundärluftpumpe
1048
18. Lambdasonde, Lambdasonde nach Katalysator, Motorsteuergerät	1049
19. Lambdasonde 2, Lambdasonde 2 nach Katalysator, Motorsteuergerät	1050
20. Ansauglufttemperaturgeber, Luftmassenmesser, Luftmassenmesser 2, Motorsteuergerät	1051
21. Bremslichtschalter, Bremspedalschalter, Motorsteuergerät	1052
22. Kick-down-Schalter, Geber für Kühlmittelmangelanzeige, Diagnose-Interface für Datenbus, Motorsteuergerät, Kontrollleuchte für Generator
1053
23. Öldruckschalter, Kraftstoffvorratsgeber 3, Ölstands- und Öltemperaturgeber, Kraftstoffvorratsgeber 4	1054
103 - 3,2-Benzinmotor, BKL,BRK	1055-1078
1. 3,2l-Benzinmotor, BKL,BRK	1055
2. Anlasser, Drehstromgenerator, Sicherung 1 (30), Sicherung 2 (30), Sicherung 3 (30), Sicherung 4 (30), Sicherung im Leitungsverteiler, Leitungsverteiler für Kl. 30, Leitungsverteiler 3 für Kl. 30
1056
3. Batterie, Zweitbatterie, Relais für Batterieparallelschaltung	1057
4. Steuergerät für Batterieüberwachung, Steuergerät für Zugang und Startberechtigung, Relais für Spannungsversorgung, Kl. 50	1058
5. Relais 2 für Spannungsversorgung, Kl. 15, Sicherungshalter B	1059
6. Hauptrelais, Stromversorgungsrelais 2 für Motronic, Sicherungshalter C	1060
7. Sicherungshalter D	1061
8. Geber für Kraftstoffvorratsanzeige, Kraftstoffvorratsgeber 2, Kraftstoffpumpenrelais, Relais für elektrische Kraftstoffpumpe 2, Kraftstoffpumpe 1, Kraftstoffpumpe 2
1062
9. Kühlmitteltemperaturgeber am Kühlerausgang, Motorsteuergerät	1063
10. Motorsteuergerät, Zündspule 1 mit Leistungsendstufe, Magnetventil für Kurbelgehäuseentlüftung, Zündspule 2 mit Leistungsendstufe, Zündspule 3 mit Leistungsendstufe
1064
11. Motorsteuergerät, Zündspule 4 mit Leistungsendstufe, Zündspule 5 mit Leistungsendstufe, Zündspule 6 mit Leistungsendstufe	1065
12. Motorsteuergerät, Einspritzventil für Zylinder 1, Einspritzventil für Zylinder 2, Einspritzventil für Zylinder 3, Einspritzventil für Zylinder 4, Einspritzventil für Zylinder 5, Einspritzventil für Zylinder 6
1066
13. Motordrehzahlgeber, Klopfsensor 1, Klopfsensor 2, Motorsteuergerät	1067
14. Hallgeber, Hallgeber 2, Kühlmitteltemperaturgeber, Motorsteuergerät	1068
15. Gaspedalstellungsgeber, Geber 2 für Gaspedalstellung, Motorsteuergerät	1069
16. Motorsteuergerät, Magnetventil 1 für Aktivkohlebehälter, Ventil für Registerumschaltung im Saugrohr, Ventil 1 für Nockenwellenverstellung, Ventil 1 für Nockenwellenverstellung im Auslass
1070
17. Steuergerät für Kühlerlüfter, Motorsteuergerät, Steuergerät 2 für Kühlerlüfter, Kühlerlüfter, Kühlerlüfter 2	1071
18. Lambdasonde, Lambdasonde nach Katalysator, Motorsteuergerät	1072
19. Lambdasonde 2, Lambdasonde 2 nach Katalysator, Motorsteuergerät	1073
20. Relais für Sekundärluftpumpe, Relais für Kühlmittelnachlauf, Relais für Bremskraftverstärker, Motorsteuergerät, Pumpe für Kühlmittelnachlauf, Motor für Sekundärluftpumpe, Unterdruckpumpe für Bremse
1074
21. Ansauglufttemperaturgeber, Luftmassenmesser, Drucksensor für Bremskraftverstärkung, Motorsteuergerät	1075
22. Bremslichtschalter, Bremspedalschalter, Motorsteuergerät	1076
23. Kick-down-Schalter, Geber für Kühlmittelmangelanzeige, Diagnose-Interface für Datenbus, Motorsteuergerät, Kontrollleuchte für Generator
1077
24. Öldruckschalter, Kraftstoffvorratsgeber 3, Ölstands- und Öltemperaturgeber, Kraftstoffvorratsgeber 4	1078
104 - 6,0-Benzinmotor, BRN, BTT	1079-1110
1. 6,0l-Benzinmotor, BRN, BTT	1079
2. Anlasser, Drehstromgenerator, Bordnetzsteuergerät, Sicherung 1 (30), Sicherung 2 (30), Sicherung 3 (30), Sicherung 4 (30), Leitungsverteiler für Kl. 30, Leitungsverteiler 3 für Kl. 30
1080
3. Batterie, Zweitbatterie, Bordnetzsteuergerät, Relais für Batterieparallelschaltung	1081
4. Steuergerät für Batterieüberwachung, Steuergerät für Zugang und Startberechtigung, Relais für Spannungsversorgung, Kl. 50	1082
5. Bordnetzsteuergerät, Relais für Spannungsversorgung, Kl. 15, Sicherungshalter B	1083
6. Hauptrelais, Bordnetzsteuergerät, Sicherungshalter C	1084
7. Bordnetzsteuergerät, Sicherungshalter D	1085
8. Geber für Kraftstoffvorratsanzeige, Kraftstoffvorratsgeber 2, Kraftstoffpumpenrelais, Relais für elektrische Kraftstoffpumpe 2, Bordnetzsteuergerät, Kraftstoffpumpe 1, Kraftstoffpumpe 2
1086
9. Relais für Kühlmittelzusatzpumpe, Relais für Sekundärluftpumpe, Relais 2 für Sekundärluftpumpe, Motorsteuergerät, Pumpe für Kühlmittelnachlauf, Motor für Sekundärluftpumpe
1087
10. Motorsteuergerät, Zündspule 1 mit Leistungsendstufe, Zündspule 2 mit Leistungsendstufe, Zündspule 3 mit Leistungsendstufe	1088
11. Motorsteuergerät, Zündspule 4 mit Leistungsendstufe, Zündspule 5 mit Leistungsendstufe, Zündspule 6 mit Leistungsendstufe	1089
12. Motorsteuergerät 2, Zündspule 10 mit Leistungsendstufe, Zündspule 11 mit Leistungsendstufe, Zündspule 12 mit Leistungsendstufe	1090
13. Klopfsensor 1, Klopfsensor 2, Kühlmitteltemperaturgeber am Kühlerausgang, Motorsteuergerät	1091
14. Thermostat für kennfeldgesteuerte Motorkühlung, Motorsteuergerät, Magnetventil rechts für elektrohydraulische Motorlagerung, Ventil 1 für Nockenwellenverstellung im Auslass
1092
15. Gaspedalstellungsgeber, Geber 2 für Gaspedalstellung, Motorsteuergerät	1093
16. Steuergerät für Kühlerlüfter, Motorsteuergerät, Steuergerät 2 für Kühlerlüfter, Kühlerlüfter, Kühlerlüfter 2	1094
17. Motordrehzahlgeber, Hallgeber, Kühlmitteltemperaturgeber, Hallgeber 3, Motorsteuergerät	1095
18. Lambdasonde, Drosselklappensteuereinheit, Motorsteuergerät	1096
19. Lambdasonde 2, Lambdasonde 2 nach Katalysator, Motorsteuergerät	1097
20. Kick-down-Schalter, Ansauglufttemperaturgeber, Luftmassenmesser, Lambdasonde 2 nach Katalysator, Motorsteuergerät	1098
21. Bremslichtschalter, Bremspedalschalter, Motorsteuergerät	1099
22. Motorsteuergerät, Motorsteuergerät 2	1100
23. Motorsteuergerät 2, Zündspule 7 mit Leistungsendstufe, Zündspule 8 mit Leistungsendstufe, Zündspule 9 mit Leistungsendstufe	1101
24. Motorsteuergerät 2, Zündspule 10 mit Leistungsendstufe, Zündspule 11 mit Leistungsendstufe, Zündspule 12 mit Leistungsendstufe	1102
25. Motorsteuergerät 2, Einspritzventil für Zylinder 7, Einspritzventil für Zylinder 8, Einspritzventil für Zylinder 9, Einspritzventil für Zylinder 10, Einspritzventil für Zylinder 11, Einspritzventil für Zylinder 12
1103
26. Klopfsensor 3, Klopfsensor 4, Motorsteuergerät 2, Ventil 2 für Nockenwellenverstellung, Ventil 2 für Abgasklappe	1104
27. Luftmassenmesser 2, Ansauglufttemperaturgeber 2, Drosselklappensteuereinheit 2, Motorsteuergerät 2	1105
28. Lambdasonde 3, Lambdasonde 3 nach Katalysator, Motorsteuergerät 2	1106
29. Lambdasonde 4, Lambdasonde 4 nach Katalysator, Motorsteuergerät 2	1107
30. Hallgeber 2, Hallgeber 4, Motorsteuergerät 2	1108
31. Geber für Kühlmittelmangelanzeige, Diagnose-Interface für Datenbus, Motorsteuergerät 2, Kontrollleuchte für Generator	1109
32. Öldruckschalter, Kraftstoffvorratsgeber 3, Ölstands- und Öltemperaturgeber, Kraftstoffvorratsgeber 4	1110
105 - Automatisches 6-Gang Getriebe 09F, 09L	1111-1114
1. Automatisches 6-Gang Getriebe 09F, 09L	1111
2. Steuergerät für automatisches Getriebe, Schalter für Tiptronic hochschalten/ herunterschalten, Magnet für Wählhebelsperre P, Magnet für Wählhebelsperre, Schalter für Wählhebel in P gesperrt
1112
3. Steuergerät für automatisches Getriebe, Schalter für Tiptronic	1113
4. Steuergerät für automatisches Getriebe, Schalttafeleinsatz, Anzeigeeinheit im Schalttafeleinsatz	1114
106 - Multimediasystem RSE (Rear-Seat-Entertainment)	1115-1125
1. Multimediasystem RSE (Rear-Seat-Entertainment)	1115
2. Steuergerät für Lenksäulenelektronik, Steuergerät für Multifunktionslenkrad, Multifunktionstasten im Lenkrad	1116
3. Schalttafeleinsatz, Diagnose-Interface für Datenbus, Anschluß Eigendiagnose, Steuergerät für Anzeige- und Bedienungseinheit für Information vorn
1117
4. Steuergerät für Anzeige- und Bedienungseinheit Information vorn, CD-Wechsler	1118
5. Steuergerät für Anzeige- und Bedienungseinheit Information vorn, Anschluss für externe Audioquellen	1119
6. Steuergerät für Anzeige- und Bedienungseinheit Information vorn, TV-Tuner, Antennenverstärker	1120
